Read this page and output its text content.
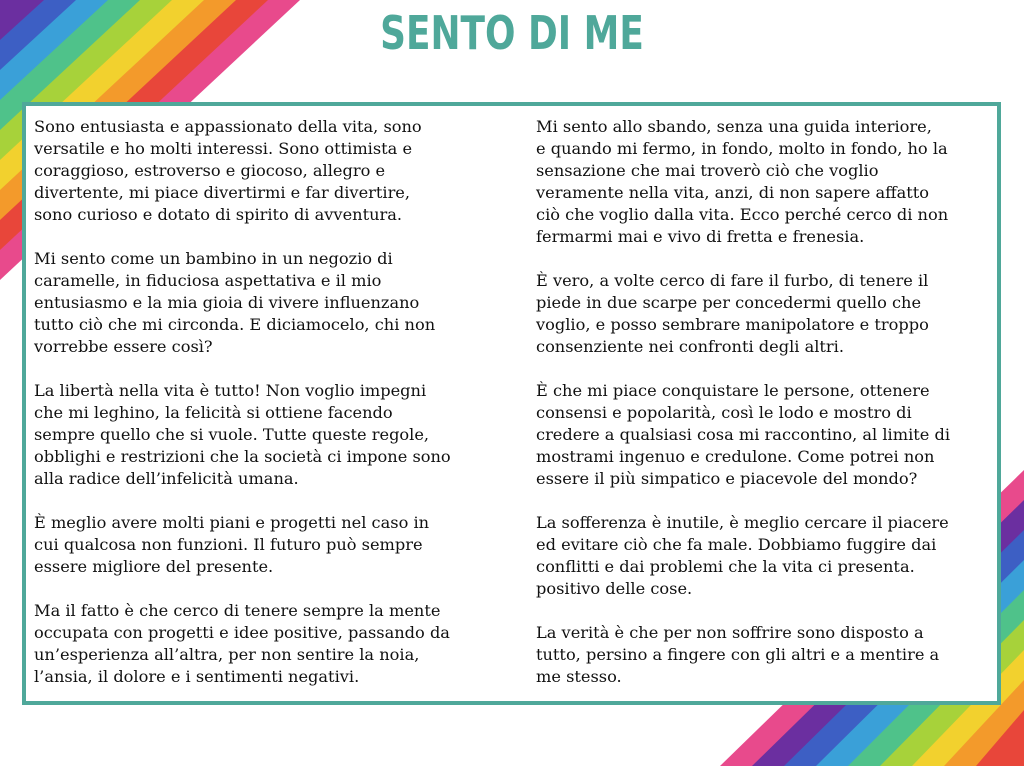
SENTO DI ME

Sono entusiasta e appassionato della vita, sono
versatile e ho molti interessi. Sono ottimista e
coraggioso, estroverso e giocoso, allegro e
divertente, mi piace divertirmi e far divertire,
sono curioso e dotato di spirito di avventura.

Mi sento come un bambino in un negozio di
caramelle, in fiduciosa aspettativa e il mio
entusiasmo e la mia gioia di vivere influenzano
tutto ciò che mi circonda. E diciamocelo, chi non
vorrebbe essere così?

La libertà nella vita è tutto! Non voglio impegni
che mi leghino, la felicità si ottiene facendo
sempre quello che si vuole. Tutte queste regole,
obblighi e restrizioni che la società ci impone sono
alla radice dell’infelicità umana.

È meglio avere molti piani e progetti nel caso in
cui qualcosa non funzioni. Il futuro può sempre
essere migliore del presente.

Ma il fatto è che cerco di tenere sempre la mente
occupata con progetti e idee positive, passando da
un’esperienza all’altra, per non sentire la noia,
l’ansia, il dolore e i sentimenti negativi.

Mi sento allo sbando, senza una guida interiore,
e quando mi fermo, in fondo, molto in fondo, ho la
sensazione che mai troverò ciò che voglio
veramente nella vita, anzi, di non sapere affatto
ciò che voglio dalla vita. Ecco perché cerco di non
fermarmi mai e vivo di fretta e frenesia.

È vero, a volte cerco di fare il furbo, di tenere il
piede in due scarpe per concedermi quello che
voglio, e posso sembrare manipolatore e troppo
consenziente nei confronti degli altri.

È che mi piace conquistare le persone, ottenere
consensi e popolarità, così le lodo e mostro di
credere a qualsiasi cosa mi raccontino, al limite di
mostrami ingenuo e credulone. Come potrei non
essere il più simpatico e piacevole del mondo?

La sofferenza è inutile, è meglio cercare il piacere
ed evitare ciò che fa male. Dobbiamo fuggire dai
conflitti e dai problemi che la vita ci presenta.
positivo delle cose.

La verità è che per non soffrire sono disposto a
tutto, persino a fingere con gli altri e a mentire a
me stesso.
